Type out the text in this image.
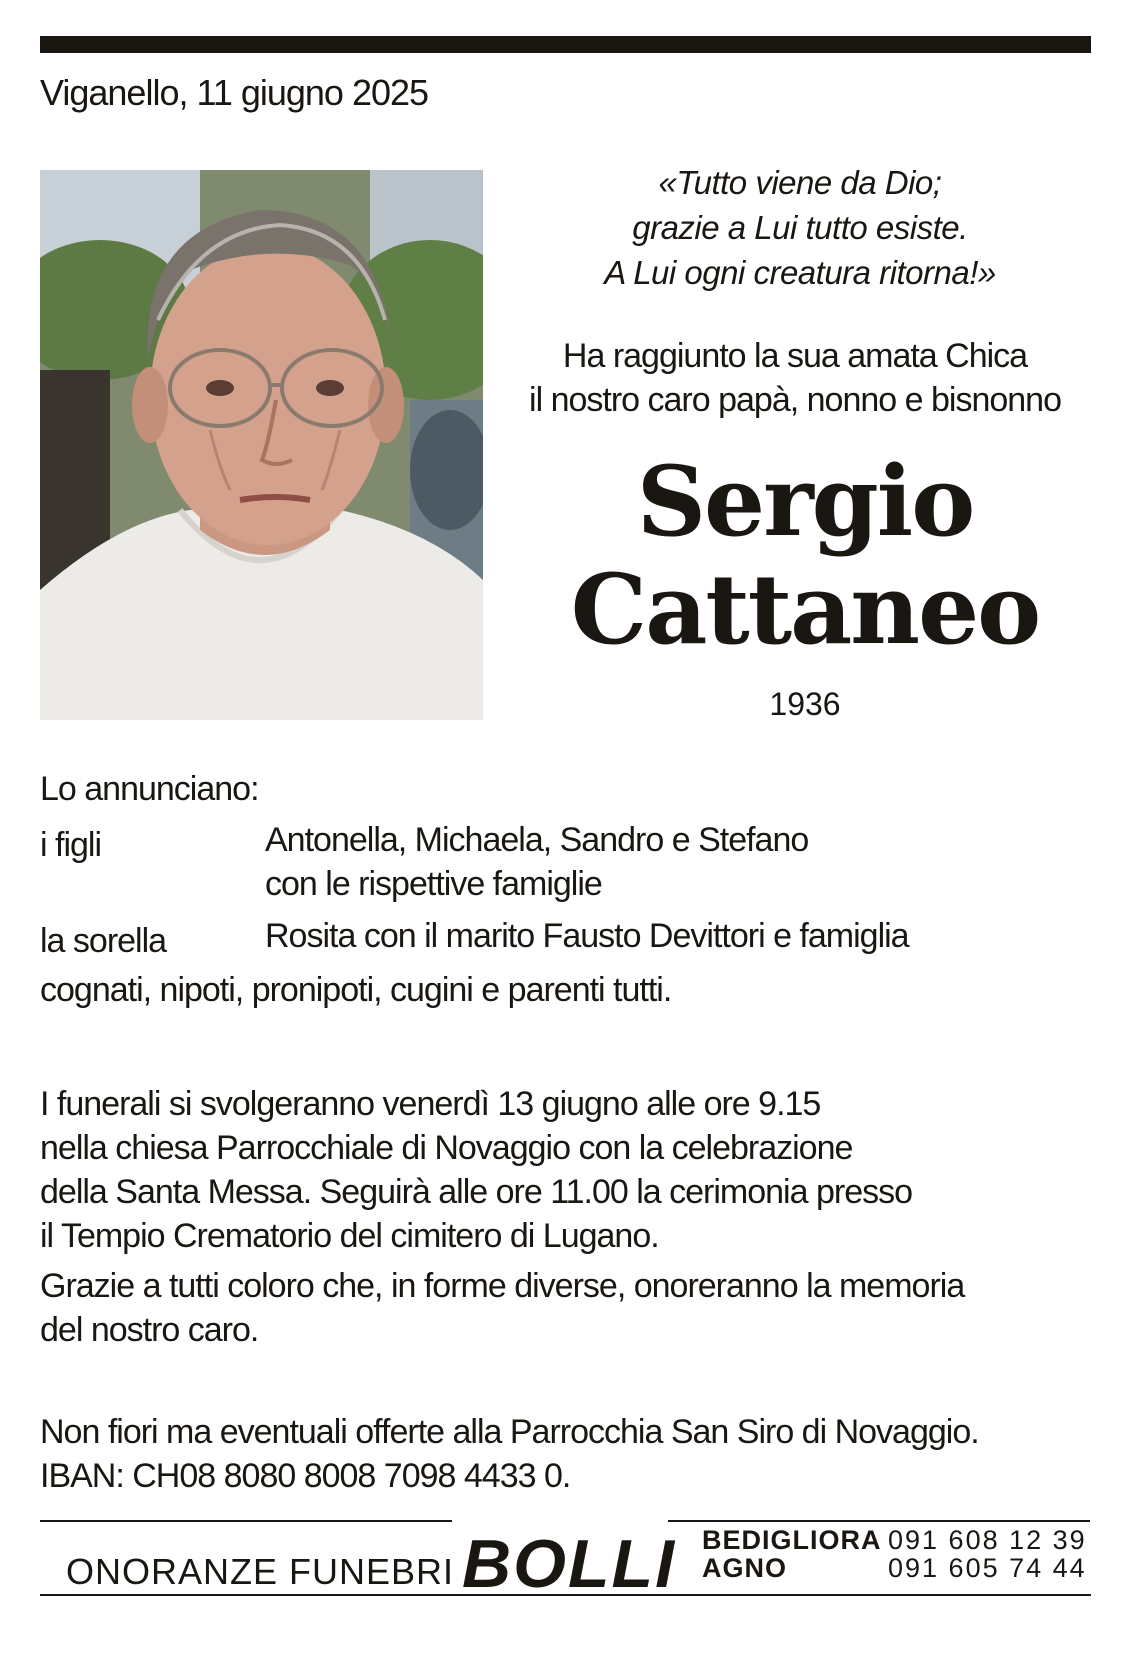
Viganello, 11 giugno 2025
«Tutto viene da Dio;
grazie a Lui tutto esiste.
A Lui ogni creatura ritorna!»
Ha raggiunto la sua amata Chica
il nostro caro papà, nonno e bisnonno
Sergio
Cattaneo
1936
Lo annunciano:
i figli	Antonella, Michaela, Sandro e Stefano
con le rispettive famiglie
la sorella	Rosita con il marito Fausto Devittori e famiglia
cognati, nipoti, pronipoti, cugini e parenti tutti.
I funerali si svolgeranno venerdì 13 giugno alle ore 9.15
nella chiesa Parrocchiale di Novaggio con la celebrazione
della Santa Messa. Seguirà alle ore 11.00 la cerimonia presso
il Tempio Crematorio del cimitero di Lugano.
Grazie a tutti coloro che, in forme diverse, onoreranno la memoria
del nostro caro.
Non fiori ma eventuali offerte alla Parrocchia San Siro di Novaggio.
IBAN: CH08 8080 8008 7098 4433 0.
ONORANZE FUNEBRI BOLLI BEDIGLIORA 091 608 12 39
AGNO	091 605 74 44
